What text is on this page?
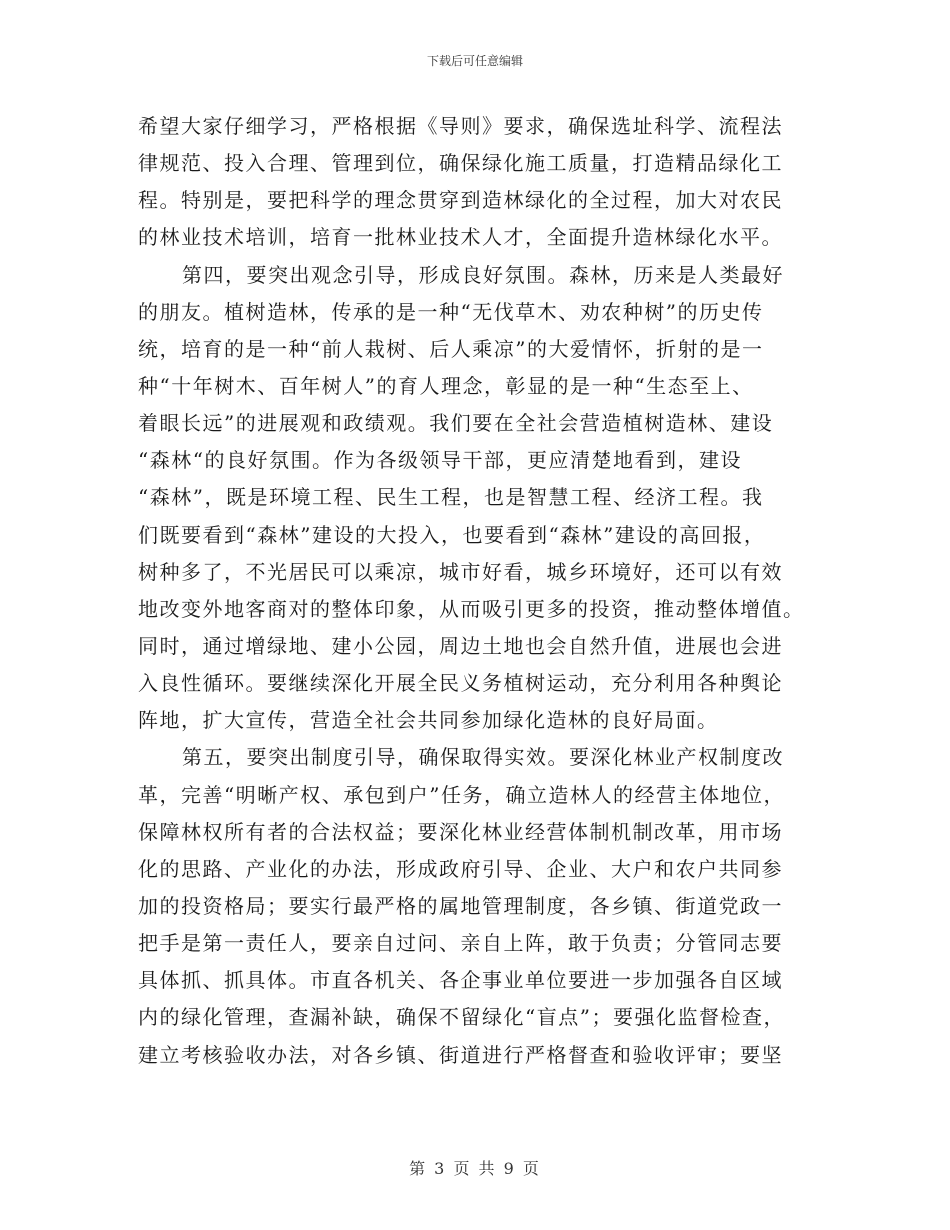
下载后可任意编辑
希望大家仔细学习，严格根据《导则》要求，确保选址科学、流程法
律规范、投入合理、管理到位，确保绿化施工质量，打造精品绿化工
程。特别是，要把科学的理念贯穿到造林绿化的全过程，加大对农民
的林业技术培训，培育一批林业技术人才，全面提升造林绿化水平。
第四，要突出观念引导，形成良好氛围。森林，历来是人类最好
的朋友。植树造林，传承的是一种“无伐草木、劝农种树”的历史传
统，培育的是一种“前人栽树、后人乘凉”的大爱情怀，折射的是一
种“十年树木、百年树人”的育人理念，彰显的是一种“生态至上、
着眼长远”的进展观和政绩观。我们要在全社会营造植树造林、建设
“森林“的良好氛围。作为各级领导干部，更应清楚地看到，建设
“森林”，既是环境工程、民生工程，也是智慧工程、经济工程。我
们既要看到“森林”建设的大投入，也要看到“森林”建设的高回报，
树种多了，不光居民可以乘凉，城市好看，城乡环境好，还可以有效
地改变外地客商对的整体印象，从而吸引更多的投资，推动整体增值。
同时，通过增绿地、建小公园，周边土地也会自然升值，进展也会进
入良性循环。要继续深化开展全民义务植树运动，充分利用各种舆论
阵地，扩大宣传，营造全社会共同参加绿化造林的良好局面。
第五，要突出制度引导，确保取得实效。要深化林业产权制度改
革，完善“明晰产权、承包到户”任务，确立造林人的经营主体地位，
保障林权所有者的合法权益；要深化林业经营体制机制改革，用市场
化的思路、产业化的办法，形成政府引导、企业、大户和农户共同参
加的投资格局；要实行最严格的属地管理制度，各乡镇、街道党政一
把手是第一责任人，要亲自过问、亲自上阵，敢于负责；分管同志要
具体抓、抓具体。市直各机关、各企事业单位要进一步加强各自区域
内的绿化管理，查漏补缺，确保不留绿化“盲点”；要强化监督检查，
建立考核验收办法，对各乡镇、街道进行严格督查和验收评审；要坚
第 3 页 共 9 页
